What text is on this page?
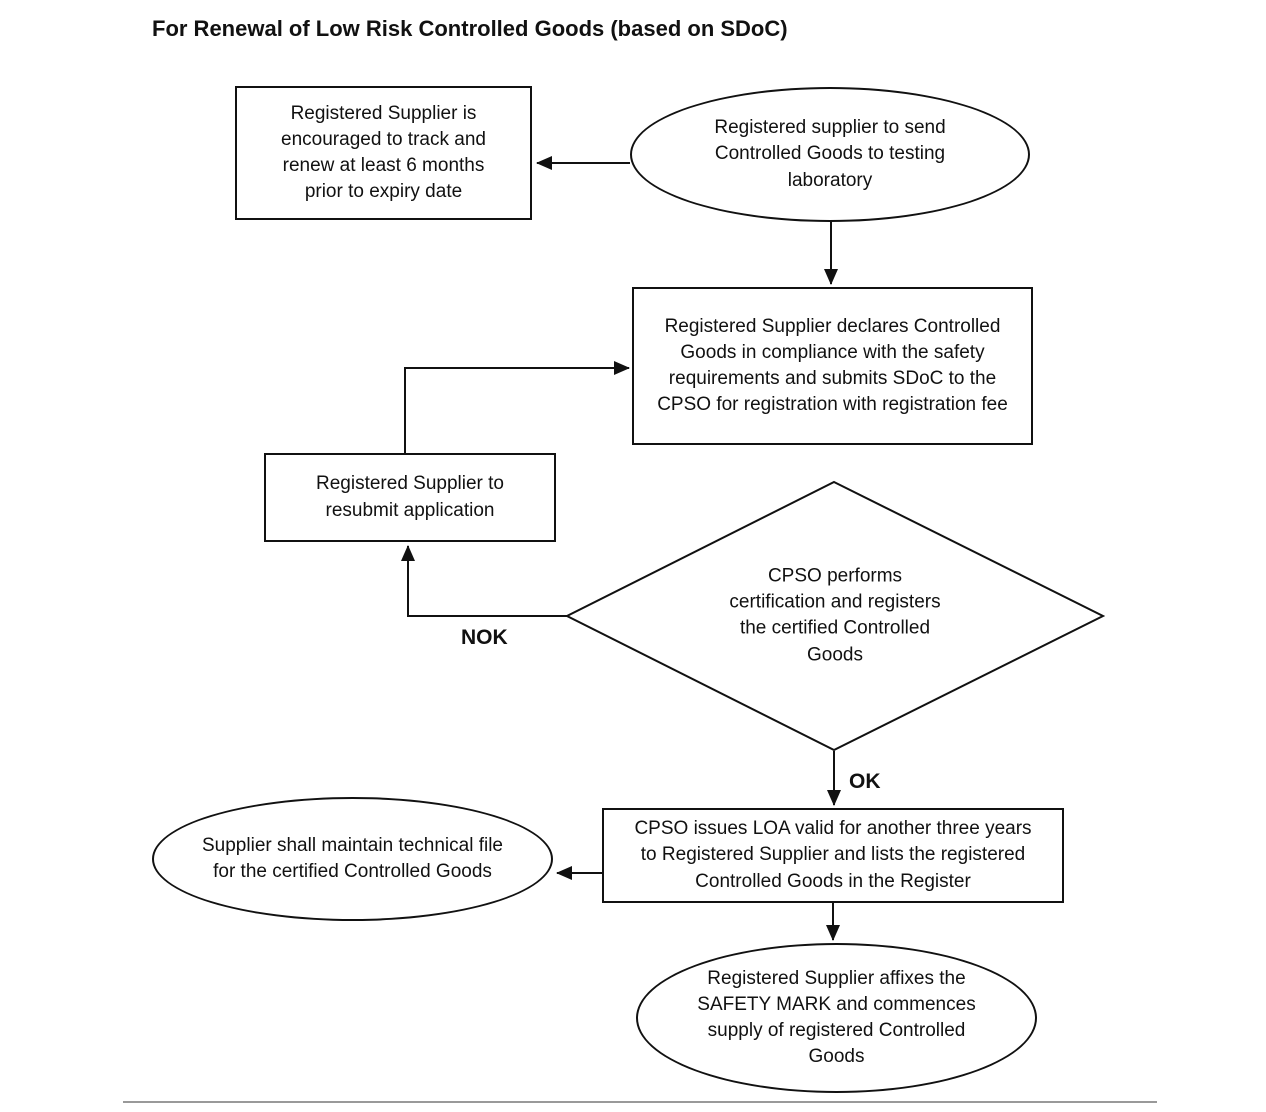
For Renewal of Low Risk Controlled Goods (based on SDoC)
Registered Supplier is encouraged to track and renew at least 6 months prior to expiry date
Registered supplier to send Controlled Goods to testing laboratory
Registered Supplier declares Controlled Goods in compliance with the safety requirements and submits SDoC to the CPSO for registration with registration fee
Registered Supplier to resubmit application
CPSO performs certification and registers the certified Controlled Goods
CPSO issues LOA valid for another three years to Registered Supplier and lists the registered Controlled Goods in the Register
Supplier shall maintain technical file for the certified Controlled Goods
Registered Supplier affixes the SAFETY MARK and commences supply of registered Controlled Goods
NOK
OK
